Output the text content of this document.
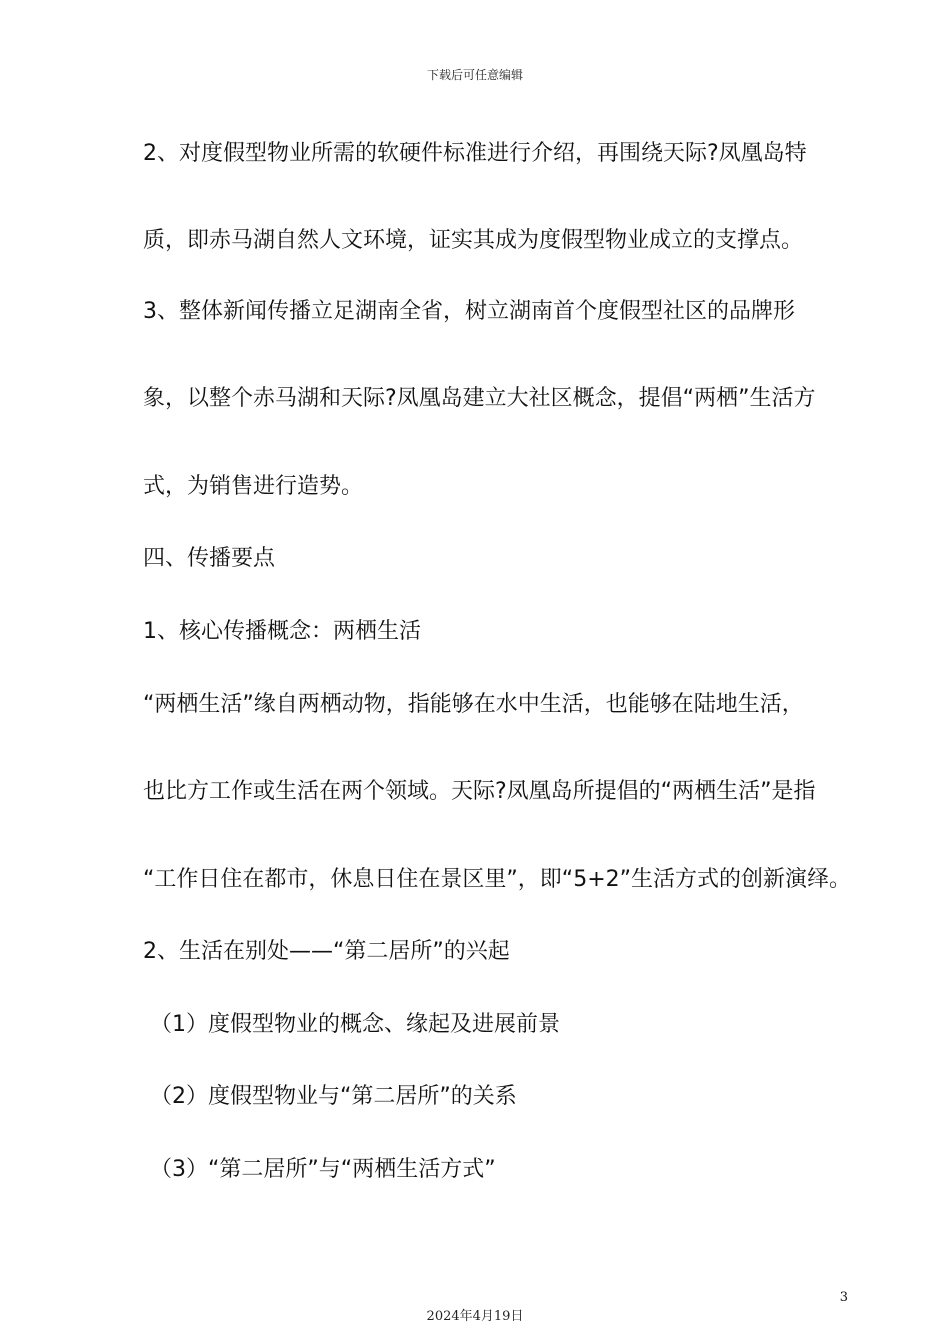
下载后可任意编辑
2、对度假型物业所需的软硬件标准进行介绍，再围绕天际?凤凰岛特
质，即赤马湖自然人文环境，证实其成为度假型物业成立的支撑点。
3、整体新闻传播立足湖南全省，树立湖南首个度假型社区的品牌形
象，以整个赤马湖和天际?凤凰岛建立大社区概念，提倡“两栖”生活方
式，为销售进行造势。
四、传播要点
1、核心传播概念：两栖生活
“两栖生活”缘自两栖动物，指能够在水中生活，也能够在陆地生活，
也比方工作或生活在两个领域。天际?凤凰岛所提倡的“两栖生活”是指
“工作日住在都市，休息日住在景区里”，即“5+2”生活方式的创新演绎。
2、生活在别处——“第二居所”的兴起
（1）度假型物业的概念、缘起及进展前景
（2）度假型物业与“第二居所”的关系
（3）“第二居所”与“两栖生活方式”
3
2024年4月19日
